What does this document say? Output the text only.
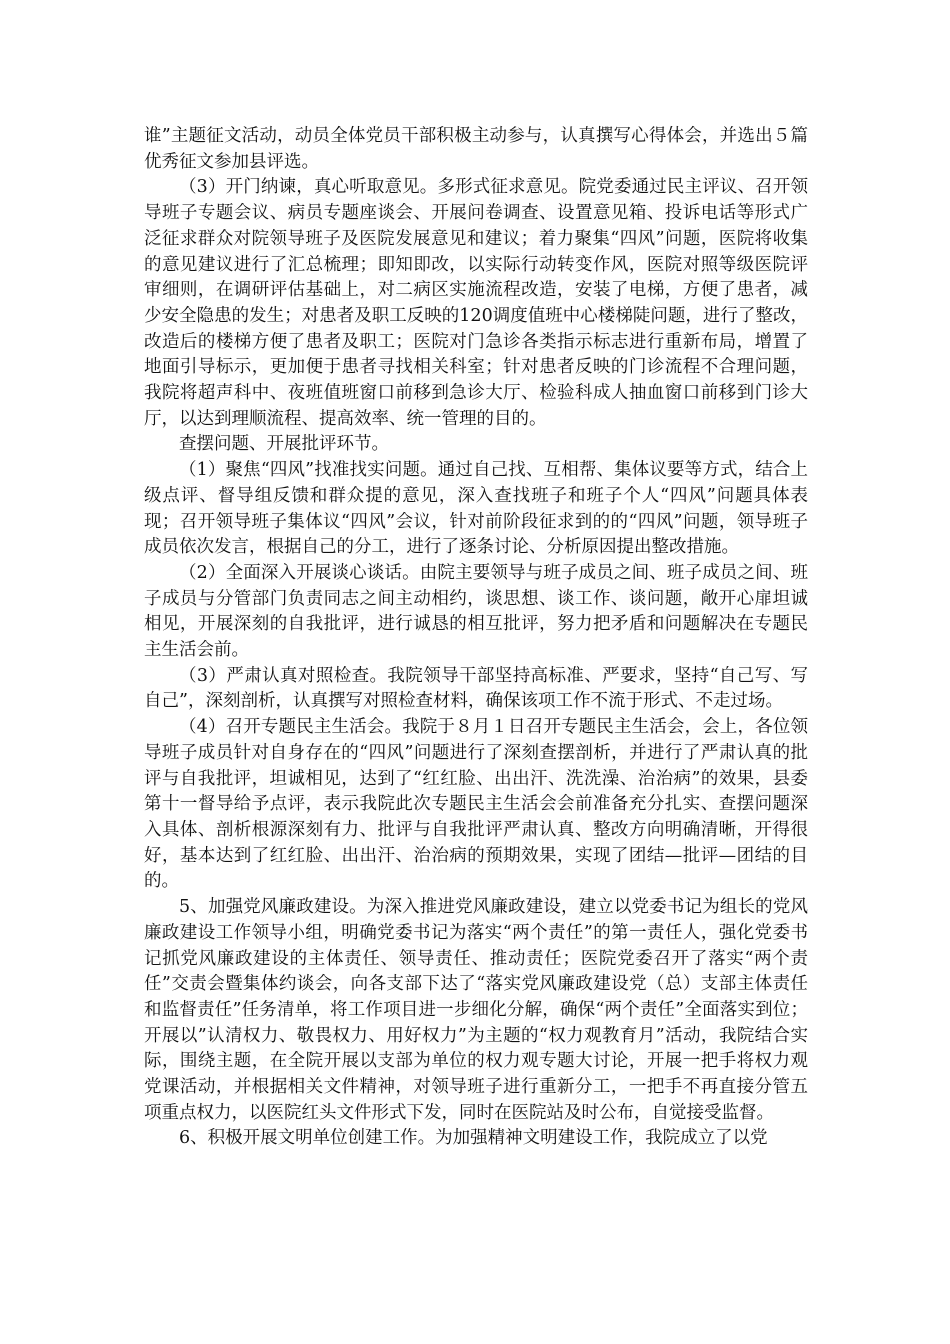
谁”主题征文活动，动员全体党员干部积极主动参与，认真撰写心得体会，并选出５篇优秀征文参加县评选。

（3）开门纳谏，真心听取意见。多形式征求意见。院党委通过民主评议、召开领导班子专题会议、病员专题座谈会、开展问卷调查、设置意见箱、投诉电话等形式广泛征求群众对院领导班子及医院发展意见和建议；着力聚集“四风”问题，医院将收集的意见建议进行了汇总梳理；即知即改，以实际行动转变作风，医院对照等级医院评审细则，在调研评估基础上，对二病区实施流程改造，安装了电梯，方便了患者，减少安全隐患的发生；对患者及职工反映的120调度值班中心楼梯陡问题，进行了整改，改造后的楼梯方便了患者及职工；医院对门急诊各类指示标志进行重新布局，增置了地面引导标示，更加便于患者寻找相关科室；针对患者反映的门诊流程不合理问题，我院将超声科中、夜班值班窗口前移到急诊大厅、检验科成人抽血窗口前移到门诊大厅，以达到理顺流程、提高效率、统一管理的目的。

查摆问题、开展批评环节。

（1）聚焦“四风”找准找实问题。通过自己找、互相帮、集体议要等方式，结合上级点评、督导组反馈和群众提的意见，深入查找班子和班子个人“四风”问题具体表现；召开领导班子集体议“四风”会议，针对前阶段征求到的的“四风”问题，领导班子成员依次发言，根据自己的分工，进行了逐条讨论、分析原因提出整改措施。

（2）全面深入开展谈心谈话。由院主要领导与班子成员之间、班子成员之间、班子成员与分管部门负责同志之间主动相约，谈思想、谈工作、谈问题，敞开心扉坦诚相见，开展深刻的自我批评，进行诚恳的相互批评，努力把矛盾和问题解决在专题民主生活会前。

（3）严肃认真对照检查。我院领导干部坚持高标准、严要求，坚持“自己写、写自己”，深刻剖析，认真撰写对照检查材料，确保该项工作不流于形式、不走过场。

（4）召开专题民主生活会。我院于８月１日召开专题民主生活会，会上，各位领导班子成员针对自身存在的“四风”问题进行了深刻查摆剖析，并进行了严肃认真的批评与自我批评，坦诚相见，达到了“红红脸、出出汗、洗洗澡、治治病”的效果，县委第十一督导给予点评，表示我院此次专题民主生活会会前准备充分扎实、查摆问题深入具体、剖析根源深刻有力、批评与自我批评严肃认真、整改方向明确清晰，开得很好，基本达到了红红脸、出出汗、治治病的预期效果，实现了团结—批评—团结的目的。

5、加强党风廉政建设。为深入推进党风廉政建设，建立以党委书记为组长的党风廉政建设工作领导小组，明确党委书记为落实“两个责任”的第一责任人，强化党委书记抓党风廉政建设的主体责任、领导责任、推动责任；医院党委召开了落实“两个责任”交责会暨集体约谈会，向各支部下达了“落实党风廉政建设党（总）支部主体责任和监督责任”任务清单，将工作项目进一步细化分解，确保“两个责任”全面落实到位；开展以”认清权力、敬畏权力、用好权力”为主题的“权力观教育月”活动，我院结合实际，围绕主题，在全院开展以支部为单位的权力观专题大讨论，开展一把手将权力观党课活动，并根据相关文件精神，对领导班子进行重新分工，一把手不再直接分管五项重点权力，以医院红头文件形式下发，同时在医院站及时公布，自觉接受监督。

6、积极开展文明单位创建工作。为加强精神文明建设工作，我院成立了以党
